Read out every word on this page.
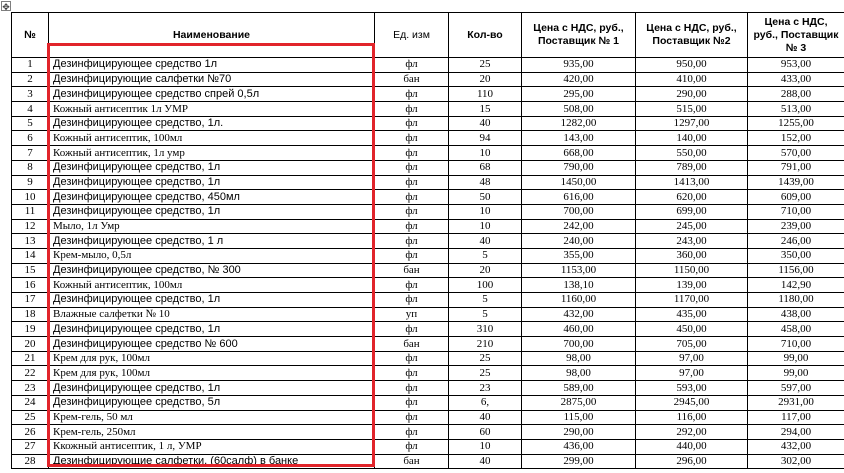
✥
№	Наименование	Ед. изм	Кол-во	Цена с НДС, руб., Поставщик № 1	Цена с НДС, руб., Поставщик №2	Цена с НДС, руб., Поставщик № 3
1	Дезинфицирующее средство 1л	фл	25	935,00	950,00	953,00
2	Дезинфицирующие салфетки №70	бан	20	420,00	410,00	433,00
3	Дезинфицирующее средство спрей 0,5л	фл	110	295,00	290,00	288,00
4	Кожный антисептик 1л УМР	фл	15	508,00	515,00	513,00
5	Дезинфицирующее средство, 1л.	фл	40	1282,00	1297,00	1255,00
6	Кожный антисептик, 100мл	фл	94	143,00	140,00	152,00
7	Кожный антисептик, 1л умр	фл	10	668,00	550,00	570,00
8	Дезинфицирующее средство, 1л	фл	68	790,00	789,00	791,00
9	Дезинфицирующее средство, 1л	фл	48	1450,00	1413,00	1439,00
10	Дезинфицирующее средство, 450мл	фл	50	616,00	620,00	609,00
11	Дезинфицирующее средство, 1л	фл	10	700,00	699,00	710,00
12	Мыло, 1л Умр	фл	10	242,00	245,00	239,00
13	Дезинфицирующее средство, 1 л	фл	40	240,00	243,00	246,00
14	Крем-мыло, 0,5л	фл	5	355,00	360,00	350,00
15	Дезинфицирующее средство, № 300	бан	20	1153,00	1150,00	1156,00
16	Кожный антисептик, 100мл	фл	100	138,10	139,00	142,90
17	Дезинфицирующее средство, 1л	фл	5	1160,00	1170,00	1180,00
18	Влажные салфетки № 10	уп	5	432,00	435,00	438,00
19	Дезинфицирующее средство, 1л	фл	310	460,00	450,00	458,00
20	Дезинфицирующее средство № 600	бан	210	700,00	705,00	710,00
21	Крем для рук, 100мл	фл	25	98,00	97,00	99,00
22	Крем для рук, 100мл	фл	25	98,00	97,00	99,00
23	Дезинфицирующее средство, 1л	фл	23	589,00	593,00	597,00
24	Дезинфицирующее средство, 5л	фл	6,	2875,00	2945,00	2931,00
25	Крем-гель, 50 мл	фл	40	115,00	116,00	117,00
26	Крем-гель, 250мл	фл	60	290,00	292,00	294,00
27	Ккожный антисептик, 1 л, УМР	фл	10	436,00	440,00	432,00
28	Дезинфицирующие салфетки, (60салф) в банке	бан	40	299,00	296,00	302,00
